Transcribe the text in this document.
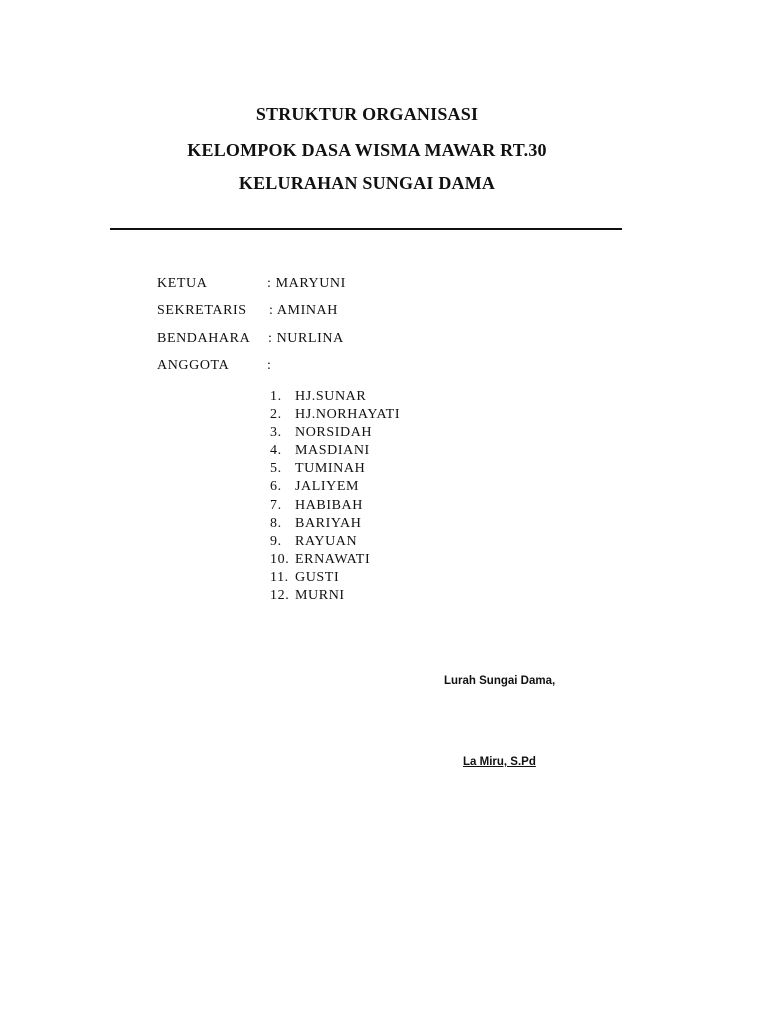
STRUKTUR ORGANISASI
KELOMPOK DASA WISMA MAWAR RT.30
KELURAHAN SUNGAI DAMA
KETUA	: MARYUNI
SEKRETARIS : AMINAH
BENDAHARA : NURLINA
ANGGOTA	:
1. HJ.SUNAR
2. HJ.NORHAYATI
3. NORSIDAH
4. MASDIANI
5. TUMINAH
6. JALIYEM
7. HABIBAH
8. BARIYAH
9. RAYUAN
10. ERNAWATI
11. GUSTI
12. MURNI
Lurah Sungai Dama,
La Miru, S.Pd
